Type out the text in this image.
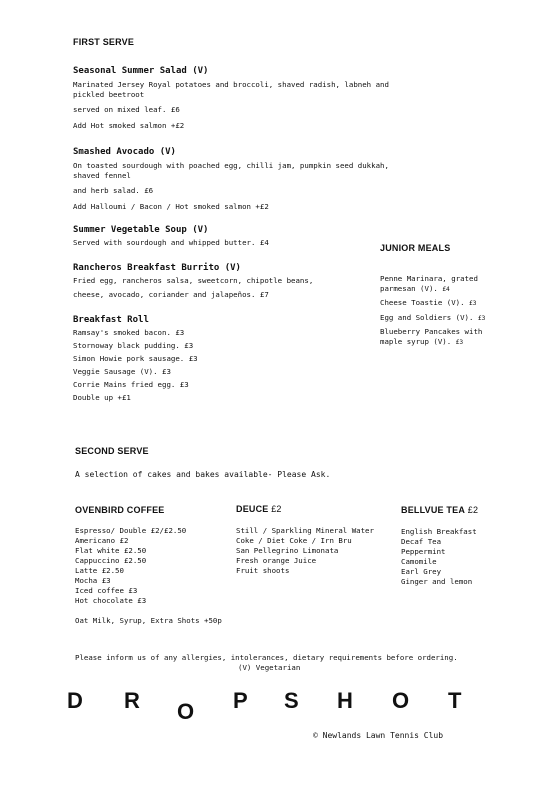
FIRST SERVE
Seasonal Summer Salad (V)
Marinated Jersey Royal potatoes and broccoli, shaved radish, labneh and pickled beetroot
served on mixed leaf. £6
Add Hot smoked salmon +£2
Smashed Avocado (V)
On toasted sourdough with poached egg, chilli jam, pumpkin seed dukkah, shaved fennel
and herb salad. £6
Add Halloumi / Bacon / Hot smoked salmon +£2
Summer Vegetable Soup (V)
Served with sourdough and whipped butter. £4
Rancheros Breakfast Burrito (V)
Fried egg, rancheros salsa, sweetcorn, chipotle beans,
cheese, avocado, coriander and jalapeños. £7
Breakfast Roll
Ramsay's smoked bacon. £3
Stornoway black pudding. £3
Simon Howie pork sausage. £3
Veggie Sausage (V). £3
Corrie Mains fried egg. £3
Double up +£1
JUNIOR MEALS
Penne Marinara, grated parmesan (V). £4
Cheese Toastie (V). £3
Egg and Soldiers (V). £3
Blueberry Pancakes with maple syrup (V). £3
SECOND SERVE
A selection of cakes and bakes available- Please Ask.
OVENBIRD COFFEE
Espresso/ Double £2/£2.50
Americano £2
Flat white £2.50
Cappuccino £2.50
Latte £2.50
Mocha £3
Iced coffee £3
Hot chocolate £3
Oat Milk, Syrup, Extra Shots +50p
DEUCE £2
Still / Sparkling Mineral Water
Coke / Diet Coke / Irn Bru
San Pellegrino Limonata
Fresh orange Juice
Fruit shoots
BELLVUE TEA £2
English Breakfast
Decaf Tea
Peppermint
Camomile
Earl Grey
Ginger and lemon
Please inform us of any allergies, intolerances, dietary requirements before ordering.
(V) Vegetarian
D R O P S H O T
© Newlands Lawn Tennis Club
